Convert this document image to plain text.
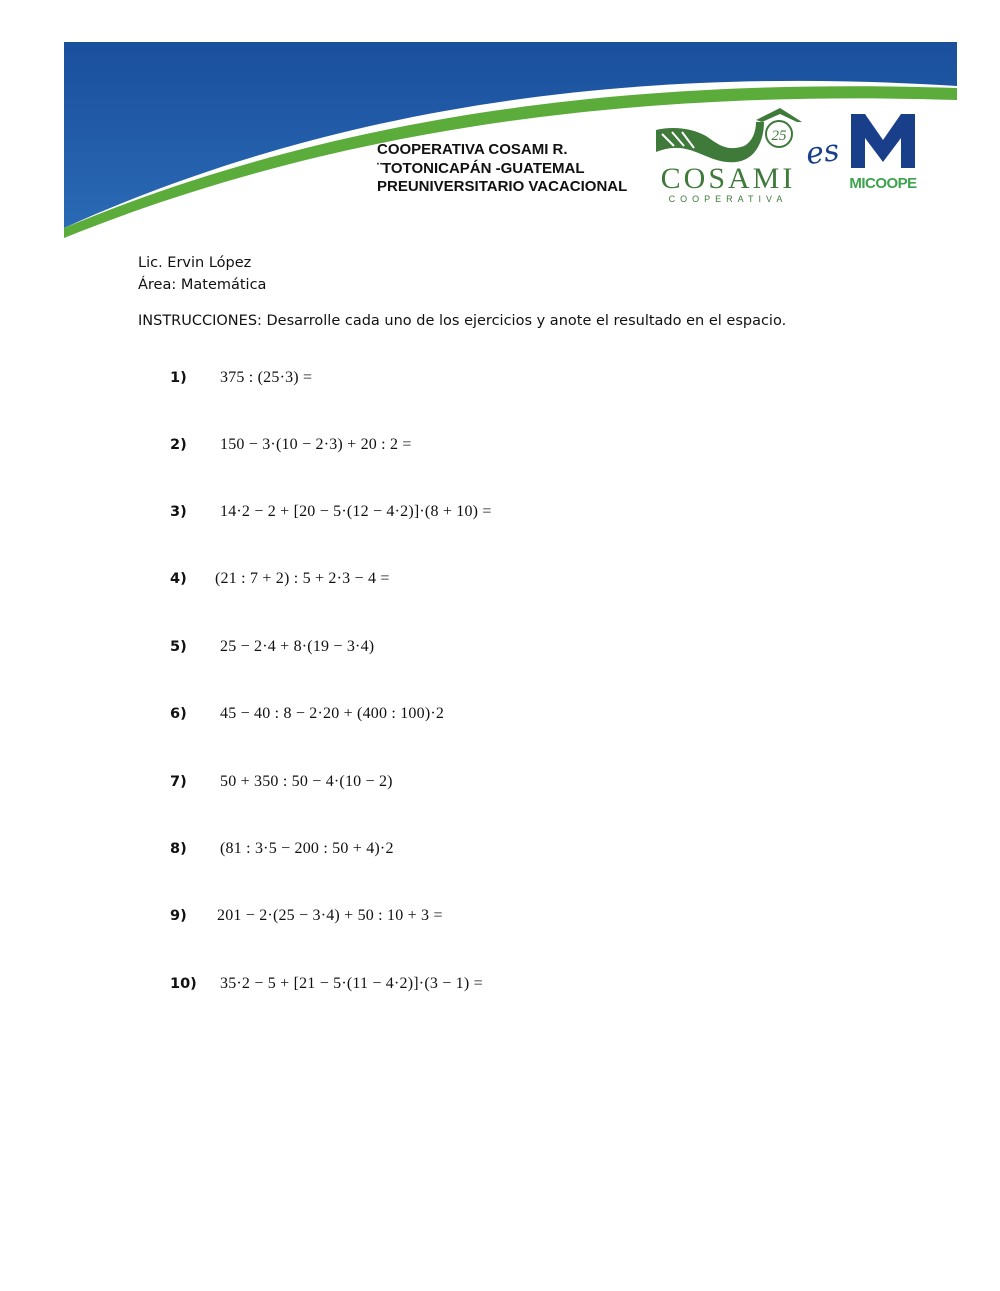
COOPERATIVA COSAMI R.
¨TOTONICAPÁN -GUATEMAL
PREUNIVERSITARIO VACACIONAL
25
COSAMI
COOPERATIVA
es
MICOOPE
Lic. Ervin López
Área: Matemática
INSTRUCCIONES: Desarrolle cada uno de los ejercicios y anote el resultado en el espacio.
1) 375 : (25·3) =
2) 150 − 3·(10 − 2·3) + 20 : 2 =
3) 14·2 − 2 + [20 − 5·(12 − 4·2)]·(8 + 10) =
4) (21 : 7 + 2) : 5 + 2·3 − 4 =
5) 25 − 2·4 + 8·(19 − 3·4)
6) 45 − 40 : 8 − 2·20 + (400 : 100)·2
7) 50 + 350 : 50 − 4·(10 − 2)
8) (81 : 3·5 − 200 : 50 + 4)·2
9) 201 − 2·(25 − 3·4) + 50 : 10 + 3 =
10) 35·2 − 5 + [21 − 5·(11 − 4·2)]·(3 − 1) =
